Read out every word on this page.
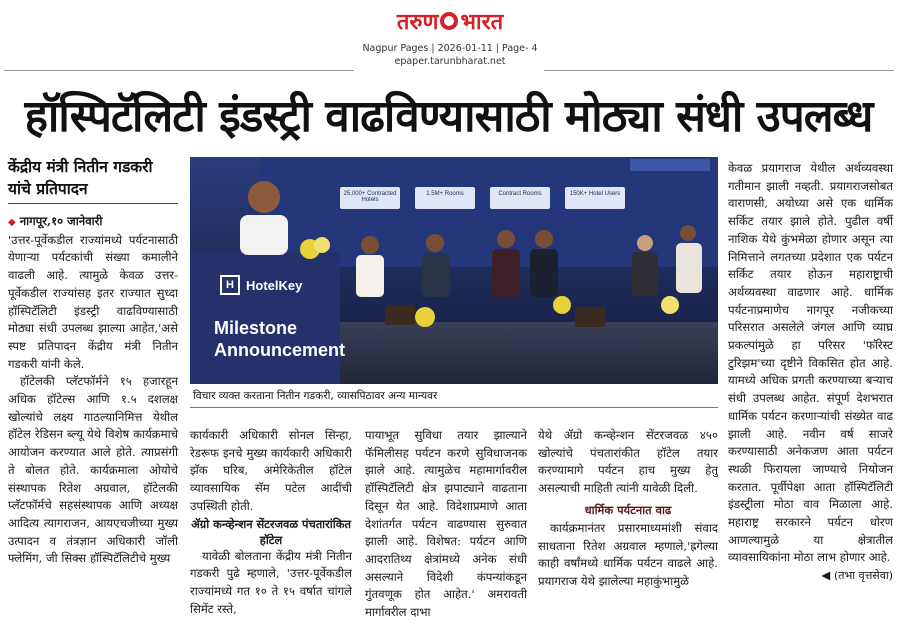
तरुण भारत
Nagpur Pages | 2026-01-11 | Page- 4
epaper.tarunbharat.net
हॉस्पिटॅलिटी इंडस्ट्री वाढविण्यासाठी मोठ्या संधी उपलब्ध
केंद्रीय मंत्री नितीन गडकरी यांचे प्रतिपादन

◆ नागपूर,१० जानेवारी

'उत्तर-पूर्वेकडील राज्यांमध्ये पर्यटनासाठी येणाऱ्या पर्यटकांची संख्या कमालीने वाढली आहे. त्यामुळे केवळ उत्तर-पूर्वेकडील राज्यांसह इतर राज्यात सुध्दा हॉस्पिटॅलिटी इंडस्ट्री वाढविण्यासाठी मोठ्या संधी उपलब्ध झाल्या आहेत,'असे स्पष्ट प्रतिपादन केंद्रीय मंत्री नितीन गडकरी यांनी केले.

हॉटेलकी प्लॅटफॉर्मने १५ हजारहून अधिक हॉटेल्स आणि १.५ दशलक्ष खोल्यांचे लक्ष्य गाठल्यानिमित्त येथील हॉटेल रेडिसन ब्ल्यू येथे विशेष कार्यक्रमाचे आयोजन करण्यात आले होते. त्याप्रसंगी ते बोलत होते. कार्यक्रमाला ओयोचे संस्थापक रितेश अग्रवाल, हॉटेलकी प्लॅटफॉर्मचे सहसंस्थापक आणि अध्यक्ष आदित्य त्यागराजन, आयएचजीच्या मुख्य उत्पादन व तंत्रज्ञान अधिकारी जॉली फ्लेमिंग, जी सिक्स हॉस्पिटॅलिटीचे मुख्य

H HotelKey
Milestone Announcement
25,000+ Contracted Hotels
1.5M+ Rooms	Contract Rooms	150K+ Hotel Users
विचार व्यक्त करताना नितीन गडकरी, व्यासपिठावर अन्य मान्यवर

कार्यकारी अधिकारी सोनल सिन्हा, रेडरूफ इनचे मुख्य कार्यकारी अधिकारी झॅक घरिब, अमेरिकेतील हॉटेल व्यावसायिक सॅम पटेल आदींची उपस्थिती होती.

ॲग्रो कन्व्हेन्शन सेंटरजवळ पंचतारांकित हॉटेल

यावेळी बोलताना केंद्रीय मंत्री नितीन गडकरी पुढे म्हणाले, 'उत्तर-पूर्वेकडील राज्यांमध्ये गत १० ते १५ वर्षात चांगले सिमेंट रस्ते,

पायाभूत सुविधा तयार झाल्याने फॅमिलीसह पर्यटन करणे सुविधाजनक झाले आहे. त्यामुळेच महामार्गावरील हॉस्पिटॅलिटी क्षेत्र झपाट्याने वाढताना दिसून येत आहे. विदेशाप्रमाणे आता देशांतर्गत पर्यटन वाढण्यास सुरुवात झाली आहे. विशेषत: पर्यटन आणि आदरातिथ्य क्षेत्रांमध्ये अनेक संधी असल्याने विदेशी कंपन्यांकडून गुंतवणूक होत आहेत.' अमरावती मार्गावरील दाभा

येथे ॲग्रो कन्व्हेन्शन सेंटरजवळ ४५० खोल्यांचे पंचतारांकीत हॉटेल तयार करण्यामागे पर्यटन हाच मुख्य हेतु असल्याची माहिती त्यांनी यावेळी दिली.

धार्मिक पर्यटनात वाढ

कार्यक्रमानंतर प्रसारमाध्यमांशी संवाद साधताना रितेश अग्रवाल म्हणाले,'ह्रगेल्या काही वर्षांमध्ये धार्मिक पर्यटन वाढले आहे. प्रयागराज येथे झालेल्या महाकुंभामुळे

केवळ प्रयागराज येथील अर्थव्यवस्था गतीमान झाली नव्हती. प्रयागराजसोबत वाराणसी, अयोध्या असे एक धार्मिक सर्किट तयार झाले होते. पुढील वर्षी नाशिक येथे कुंभमेळा होणार असून त्या निमित्ताने लगतच्या प्रदेशात एक पर्यटन सर्किट तयार होऊन महाराष्ट्राची अर्थव्यवस्था वाढणार आहे. धार्मिक पर्यटनाप्रमाणेच नागपूर नजीकच्या परिसरात असलेले जंगल आणि व्याघ्र प्रकल्पांमुळे हा परिसर 'फॉरेस्ट टुरिझम'च्या दृष्टीने विकसित होत आहे. यामध्ये अधिक प्रगती करण्याच्या बऱ्याच संधी उपलब्ध आहेत. संपूर्ण देशभरात धार्मिक पर्यटन करणाऱ्यांची संख्येत वाढ झाली आहे. नवीन वर्ष साजरे करण्यासाठी अनेकजण आता पर्यटन स्थळी फिरायला जाण्याचे नियोजन करतात. पूर्वीपेक्षा आता हॉस्पिटॅलिटी इंडस्ट्रीला मोठा वाव मिळाला आहे. महाराष्ट्र सरकारने पर्यटन धोरण आणल्यामुळे या क्षेत्रातील व्यावसायिकांना मोठा लाभ होणार आहे.

◀ (तभा वृत्तसेवा)
